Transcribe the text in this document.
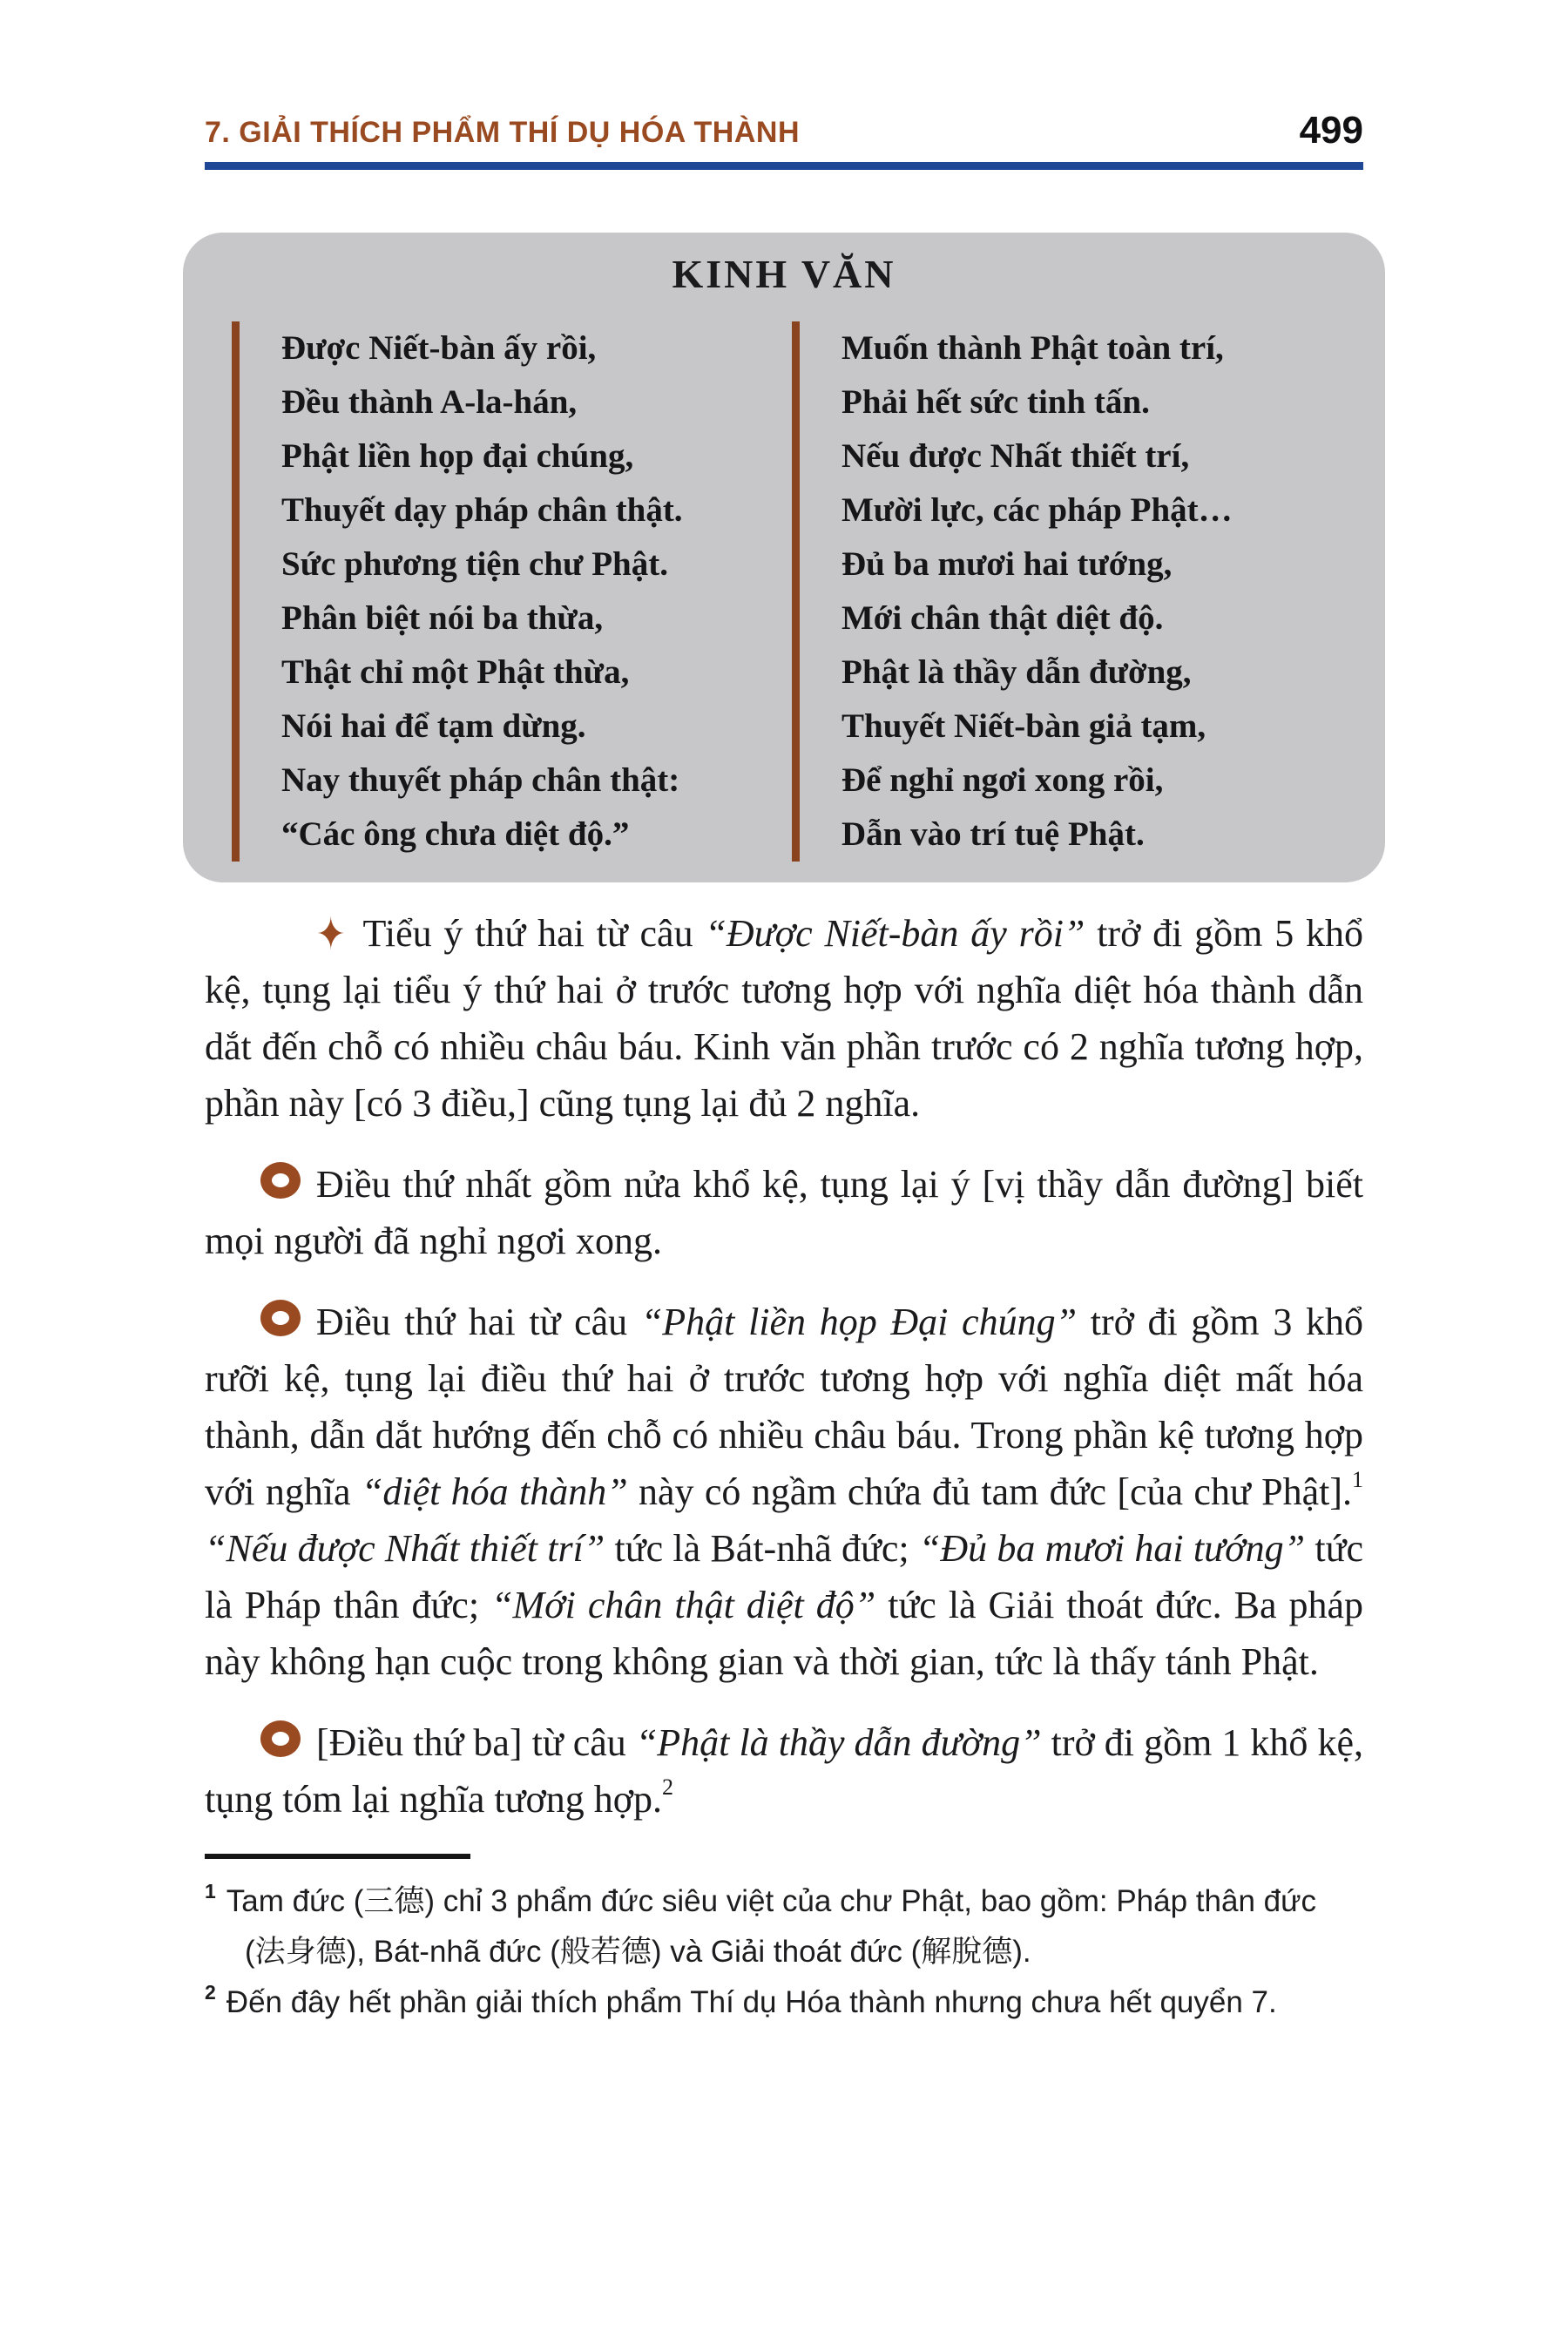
7. GIẢI THÍCH PHẨM THÍ DỤ HÓA THÀNH	499
KINH VĂN
Được Niết-bàn ấy rồi,
Đều thành A-la-hán,
Phật liền họp đại chúng,
Thuyết dạy pháp chân thật.
Sức phương tiện chư Phật.
Phân biệt nói ba thừa,
Thật chỉ một Phật thừa,
Nói hai để tạm dừng.
Nay thuyết pháp chân thật:
“Các ông chưa diệt độ.”
Muốn thành Phật toàn trí,
Phải hết sức tinh tấn.
Nếu được Nhất thiết trí,
Mười lực, các pháp Phật…
Đủ ba mươi hai tướng,
Mới chân thật diệt độ.
Phật là thầy dẫn đường,
Thuyết Niết-bàn giả tạm,
Để nghỉ ngơi xong rồi,
Dẫn vào trí tuệ Phật.

✦ Tiểu ý thứ hai từ câu “Được Niết-bàn ấy rồi” trở đi gồm 5 khổ kệ, tụng lại tiểu ý thứ hai ở trước tương hợp với nghĩa diệt hóa thành dẫn dắt đến chỗ có nhiều châu báu. Kinh văn phần trước có 2 nghĩa tương hợp, phần này [có 3 điều,] cũng tụng lại đủ 2 nghĩa.

Điều thứ nhất gồm nửa khổ kệ, tụng lại ý [vị thầy dẫn đường] biết mọi người đã nghỉ ngơi xong.

Điều thứ hai từ câu “Phật liền họp Đại chúng” trở đi gồm 3 khổ rưỡi kệ, tụng lại điều thứ hai ở trước tương hợp với nghĩa diệt mất hóa thành, dẫn dắt hướng đến chỗ có nhiều châu báu. Trong phần kệ tương hợp với nghĩa “diệt hóa thành” này có ngầm chứa đủ tam đức [của chư Phật].$^1$ “Nếu được Nhất thiết trí” tức là Bát-nhã đức; “Đủ ba mươi hai tướng” tức là Pháp thân đức; “Mới chân thật diệt độ” tức là Giải thoát đức. Ba pháp này không hạn cuộc trong không gian và thời gian, tức là thấy tánh Phật.

[Điều thứ ba] từ câu “Phật là thầy dẫn đường” trở đi gồm 1 khổ kệ, tụng tóm lại nghĩa tương hợp.$^2$

$^1$ Tam đức (三德) chỉ 3 phẩm đức siêu việt của chư Phật, bao gồm: Pháp thân đức (法身德), Bát-nhã đức (般若德) và Giải thoát đức (解脫德).
$^2$ Đến đây hết phần giải thích phẩm Thí dụ Hóa thành nhưng chưa hết quyển 7.
